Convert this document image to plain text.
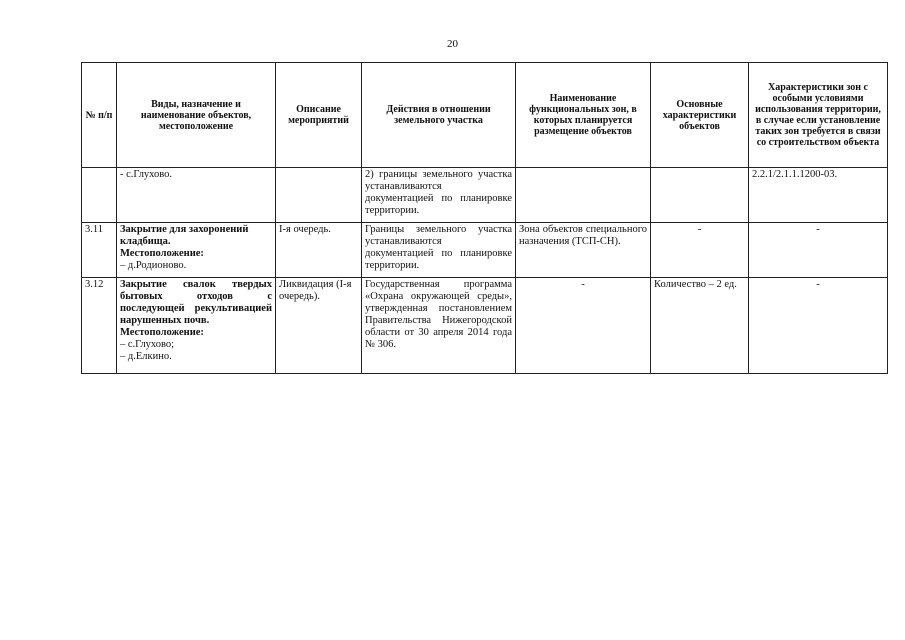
20
№ п/п	Виды, назначение и наименование объектов, местоположение	Описание мероприятий	Действия в отношении земельного участка	Наименование функциональных зон, в которых планируется размещение объектов	Основные характеристики объектов	Характеристики зон с особыми условиями использования территории, в случае если установление таких зон требуется в связи со строительством объекта
	- с.Глухово.		2) границы земельного участка устанавливаются документацией по планировке территории.			2.2.1/2.1.1.1200-03.
3.11	Закрытие для захоронений кладбища.
Местоположение:
– д.Родионово.	I-я очередь.	Границы земельного участка устанавливаются документацией по планировке территории.	Зона объектов специального назначения (ТСП-СН).	-	-
3.12	Закрытие свалок твердых бытовых отходов с последующей рекультивацией нарушенных почв.
Местоположение:
– с.Глухово;
– д.Елкино.	Ликвидация (I-я очередь).	Государственная программа «Охрана окружающей среды», утвержденная постановлением Правительства Нижегородской области от 30 апреля 2014 года № 306.	-	Количество – 2 ед.	-
